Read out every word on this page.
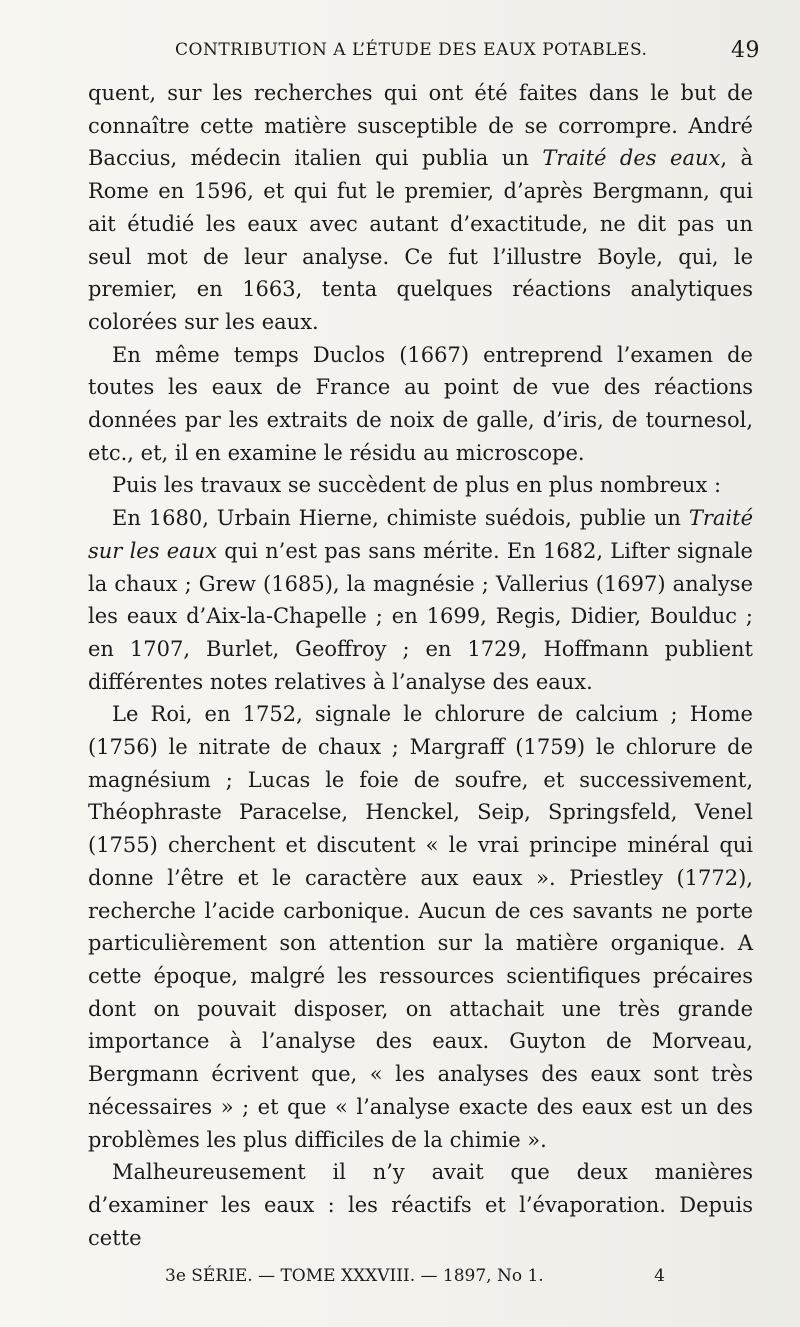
CONTRIBUTION A L’ÉTUDE DES EAUX POTABLES.	49

quent, sur les recherches qui ont été faites dans le but de connaître cette matière susceptible de se corrompre. André Baccius, médecin italien qui publia un Traité des eaux, à Rome en 1596, et qui fut le premier, d’après Bergmann, qui ait étudié les eaux avec autant d’exactitude, ne dit pas un seul mot de leur analyse. Ce fut l’illustre Boyle, qui, le premier, en 1663, tenta quelques réactions analytiques colorées sur les eaux.

En même temps Duclos (1667) entreprend l’examen de toutes les eaux de France au point de vue des réactions données par les extraits de noix de galle, d’iris, de tournesol, etc., et, il en examine le résidu au microscope.

Puis les travaux se succèdent de plus en plus nombreux :

En 1680, Urbain Hierne, chimiste suédois, publie un Traité sur les eaux qui n’est pas sans mérite. En 1682, Lifter signale la chaux ; Grew (1685), la magnésie ; Vallerius (1697) analyse les eaux d’Aix-la-Chapelle ; en 1699, Regis, Didier, Boulduc ; en 1707, Burlet, Geoffroy ; en 1729, Hoffmann publient différentes notes relatives à l’analyse des eaux.

Le Roi, en 1752, signale le chlorure de calcium ; Home (1756) le nitrate de chaux ; Margraff (1759) le chlorure de magnésium ; Lucas le foie de soufre, et successivement, Théophraste Paracelse, Henckel, Seip, Springsfeld, Venel (1755) cherchent et discutent « le vrai principe minéral qui donne l’être et le caractère aux eaux ». Priestley (1772), recherche l’acide carbonique. Aucun de ces savants ne porte particulièrement son attention sur la matière organique. A cette époque, malgré les ressources scientifiques précaires dont on pouvait disposer, on attachait une très grande importance à l’analyse des eaux. Guyton de Morveau, Bergmann écrivent que, « les analyses des eaux sont très nécessaires » ; et que « l’analyse exacte des eaux est un des problèmes les plus difficiles de la chimie ».

Malheureusement il n’y avait que deux manières d’examiner les eaux : les réactifs et l’évaporation. Depuis cette

3e SÉRIE. — TOME XXXVIII. — 1897, No 1.	4
